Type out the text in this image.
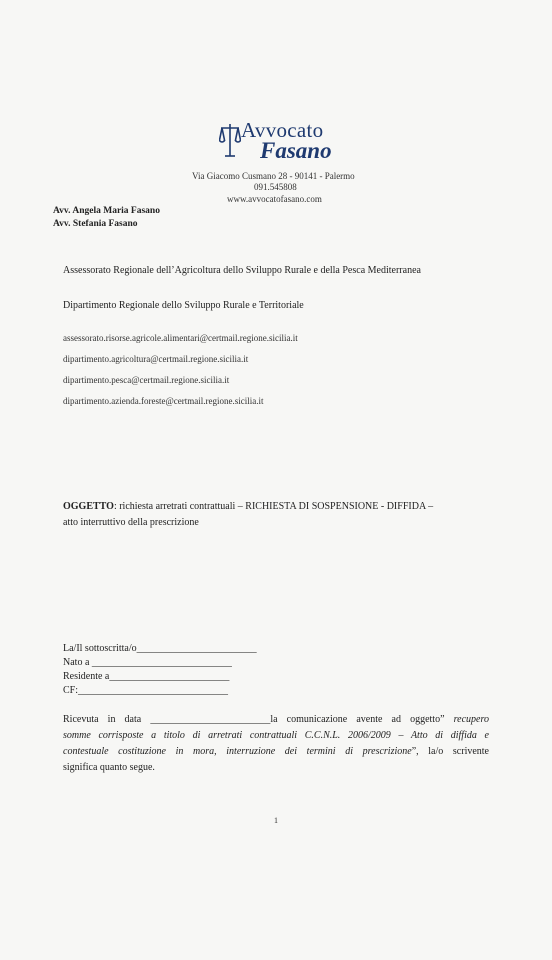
Avvocato
Fasano
Via Giacomo Cusmano 28 - 90141 - Palermo
091.545808
www.avvocatofasano.com
Avv. Angela Maria Fasano
Avv. Stefania Fasano
Assessorato Regionale dell’Agricoltura dello Sviluppo Rurale e della Pesca Mediterranea
Dipartimento Regionale dello Sviluppo Rurale e Territoriale
assessorato.risorse.agricole.alimentari@certmail.regione.sicilia.it
dipartimento.agricoltura@certmail.regione.sicilia.it
dipartimento.pesca@certmail.regione.sicilia.it
dipartimento.azienda.foreste@certmail.regione.sicilia.it
OGGETTO: richiesta arretrati contrattuali – RICHIESTA DI SOSPENSIONE - DIFFIDA –
atto interruttivo della prescrizione
La/Il sottoscritta/o________________________
Nato a ____________________________
Residente a________________________
CF:______________________________
Ricevuta in data ________________________la comunicazione avente ad oggetto” recupero
somme corrisposte a titolo di arretrati contrattuali C.C.N.L. 2006/2009 – Atto di diffida e
contestuale costituzione in mora, interruzione dei termini di prescrizione”, la/o scrivente
significa quanto segue.
1
